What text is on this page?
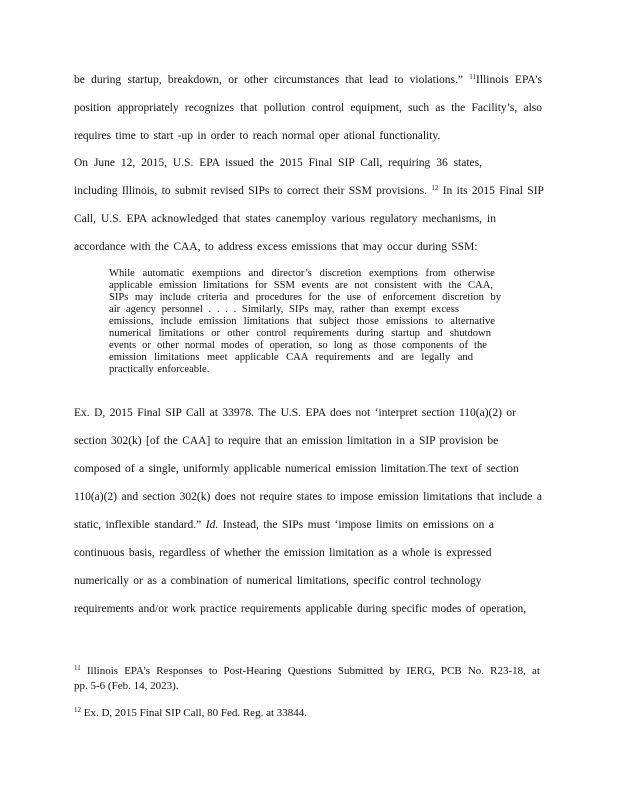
be during startup, breakdown, or other circumstances that lead to violations.” $^{11}$Illinois EPA’s
position appropriately recognizes that pollution control equipment, such as the Facility’s, also
requires time to start -up in order to reach normal oper ational functionality.
On June 12, 2015, U.S. EPA issued the 2015 Final SIP Call, requiring 36 states,
including Illinois, to submit revised SIPs to correct their SSM provisions. $^{12}$ In its 2015 Final SIP
Call, U.S. EPA acknowledged that states canemploy various regulatory mechanisms, in
accordance with the CAA, to address excess emissions that may occur during SSM:
While automatic exemptions and director’s discretion exemptions from otherwise
applicable emission limitations for SSM events are not consistent with the CAA,
SIPs may include criteria and procedures for the use of enforcement discretion by
air agency personnel . . . . Similarly, SIPs may, rather than exempt excess
emissions, include emission limitations that subject those emissions to alternative
numerical limitations or other control requirements during startup and shutdown
events or other normal modes of operation, so long as those components of the
emission limitations meet applicable CAA requirements and are legally and
practically enforceable.
Ex. D, 2015 Final SIP Call at 33978. The U.S. EPA does not ‘interpret section 110(a)(2) or
section 302(k) [of the CAA] to require that an emission limitation in a SIP provision be
composed of a single, uniformly applicable numerical emission limitation.The text of section
110(a)(2) and section 302(k) does not require states to impose emission limitations that include a
static, inflexible standard.” Id. Instead, the SIPs must ‘impose limits on emissions on a
continuous basis, regardless of whether the emission limitation as a whole is expressed
numerically or as a combination of numerical limitations, specific control technology
requirements and/or work practice requirements applicable during specific modes of operation,
$^{11}$ Illinois EPA’s Responses to Post-Hearing Questions Submitted by IERG, PCB No. R23-18, at
pp. 5-6 (Feb. 14, 2023).
$^{12}$ Ex. D, 2015 Final SIP Call, 80 Fed. Reg. at 33844.
